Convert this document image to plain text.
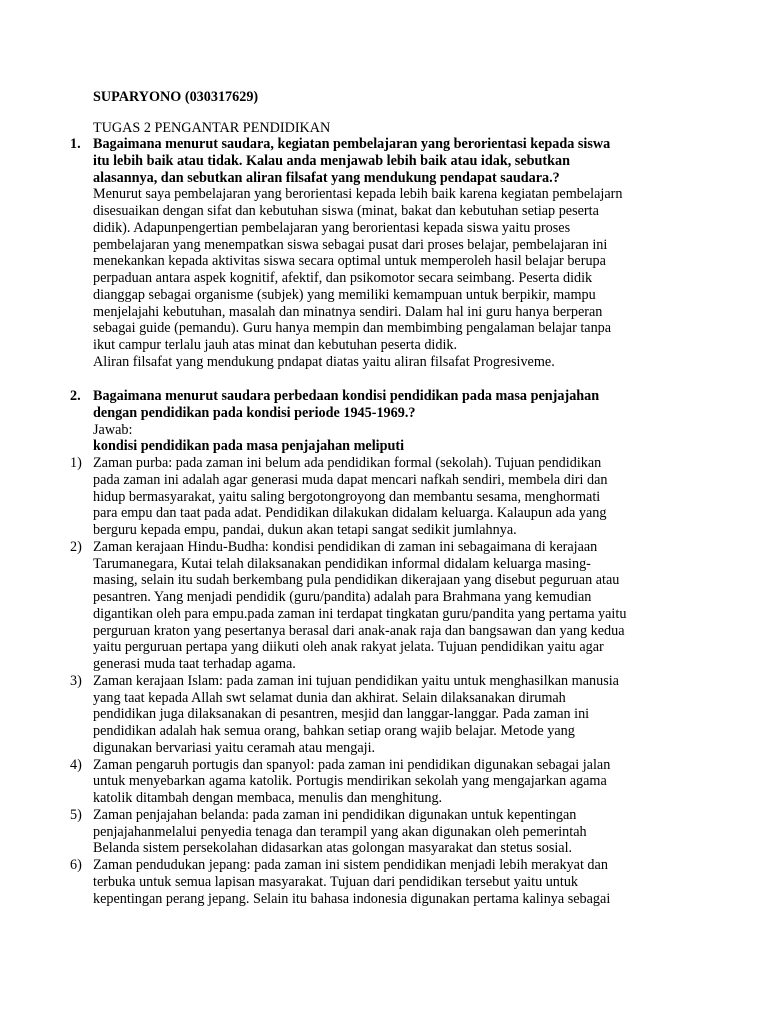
SUPARYONO (030317629)
TUGAS 2 PENGANTAR PENDIDIKAN
1. Bagaimana menurut saudara, kegiatan pembelajaran yang berorientasi kepada siswa
itu lebih baik atau tidak. Kalau anda menjawab lebih baik atau idak, sebutkan
alasannya, dan sebutkan aliran filsafat yang mendukung pendapat saudara.?
Menurut saya pembelajaran yang berorientasi kepada lebih baik karena kegiatan pembelajarn
disesuaikan dengan sifat dan kebutuhan siswa (minat, bakat dan kebutuhan setiap peserta
didik). Adapunpengertian pembelajaran yang berorientasi kepada siswa yaitu proses
pembelajaran yang menempatkan siswa sebagai pusat dari proses belajar, pembelajaran ini
menekankan kepada aktivitas siswa secara optimal untuk memperoleh hasil belajar berupa
perpaduan antara aspek kognitif, afektif, dan psikomotor secara seimbang. Peserta didik
dianggap sebagai organisme (subjek) yang memiliki kemampuan untuk berpikir, mampu
menjelajahi kebutuhan, masalah dan minatnya sendiri. Dalam hal ini guru hanya berperan
sebagai guide (pemandu). Guru hanya mempin dan membimbing pengalaman belajar tanpa
ikut campur terlalu jauh atas minat dan kebutuhan peserta didik.
Aliran filsafat yang mendukung pndapat diatas yaitu aliran filsafat Progresiveme.
2. Bagaimana menurut saudara perbedaan kondisi pendidikan pada masa penjajahan
dengan pendidikan pada kondisi periode 1945-1969.?
Jawab:
kondisi pendidikan pada masa penjajahan meliputi
1) Zaman purba: pada zaman ini belum ada pendidikan formal (sekolah). Tujuan pendidikan
pada zaman ini adalah agar generasi muda dapat mencari nafkah sendiri, membela diri dan
hidup bermasyarakat, yaitu saling bergotongroyong dan membantu sesama, menghormati
para empu dan taat pada adat. Pendidikan dilakukan didalam keluarga. Kalaupun ada yang
berguru kepada empu, pandai, dukun akan tetapi sangat sedikit jumlahnya.
2) Zaman kerajaan Hindu-Budha: kondisi pendidikan di zaman ini sebagaimana di kerajaan
Tarumanegara, Kutai telah dilaksanakan pendidikan informal didalam keluarga masing-
masing, selain itu sudah berkembang pula pendidikan dikerajaan yang disebut peguruan atau
pesantren. Yang menjadi pendidik (guru/pandita) adalah para Brahmana yang kemudian
digantikan oleh para empu.pada zaman ini terdapat tingkatan guru/pandita yang pertama yaitu
perguruan kraton yang pesertanya berasal dari anak-anak raja dan bangsawan dan yang kedua
yaitu perguruan pertapa yang diikuti oleh anak rakyat jelata. Tujuan pendidikan yaitu agar
generasi muda taat terhadap agama.
3) Zaman kerajaan Islam: pada zaman ini tujuan pendidikan yaitu untuk menghasilkan manusia
yang taat kepada Allah swt selamat dunia dan akhirat. Selain dilaksanakan dirumah
pendidikan juga dilaksanakan di pesantren, mesjid dan langgar-langgar. Pada zaman ini
pendidikan adalah hak semua orang, bahkan setiap orang wajib belajar. Metode yang
digunakan bervariasi yaitu ceramah atau mengaji.
4) Zaman pengaruh portugis dan spanyol: pada zaman ini pendidikan digunakan sebagai jalan
untuk menyebarkan agama katolik. Portugis mendirikan sekolah yang mengajarkan agama
katolik ditambah dengan membaca, menulis dan menghitung.
5) Zaman penjajahan belanda: pada zaman ini pendidikan digunakan untuk kepentingan
penjajahanmelalui penyedia tenaga dan terampil yang akan digunakan oleh pemerintah
Belanda sistem persekolahan didasarkan atas golongan masyarakat dan stetus sosial.
6) Zaman pendudukan jepang: pada zaman ini sistem pendidikan menjadi lebih merakyat dan
terbuka untuk semua lapisan masyarakat. Tujuan dari pendidikan tersebut yaitu untuk
kepentingan perang jepang. Selain itu bahasa indonesia digunakan pertama kalinya sebagai
